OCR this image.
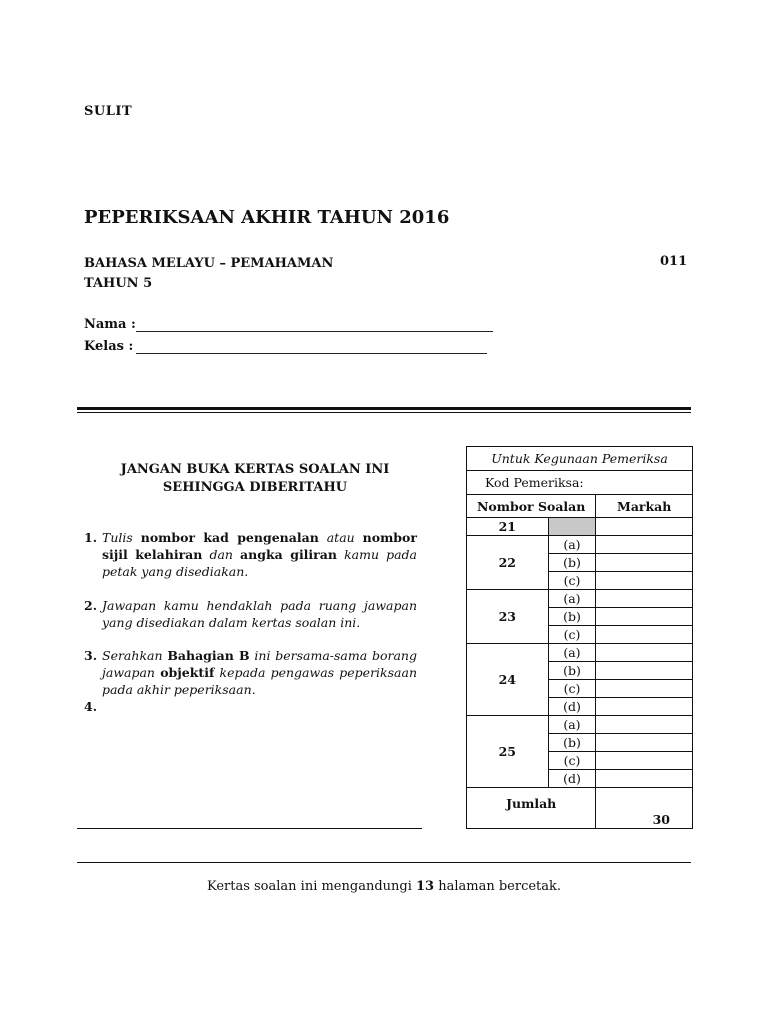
SULIT
PEPERIKSAAN AKHIR TAHUN 2016
BAHASA MELAYU – PEMAHAMAN	011
TAHUN 5
Nama :
Kelas :
JANGAN BUKA KERTAS SOALAN INI
SEHINGGA DIBERITAHU
1. Tulis nombor kad pengenalan atau nombor sijil kelahiran dan angka giliran kamu pada petak yang disediakan.
2. Jawapan kamu hendaklah pada ruang jawapan yang disediakan dalam kertas soalan ini.
3. Serahkan Bahagian B ini bersama-sama borang jawapan objektif kepada pengawas peperiksaan pada akhir peperiksaan.
4.
Untuk Kegunaan Pemeriksa		
Kod Pemeriksa:		
Nombor Soalan		Markah
21		
22	(a)	
	(b)	
	(c)	
23	(a)	
	(b)	
	(c)	
24	(a)	
	(b)	
	(c)	
	(d)	
25	(a)	
	(b)	
	(c)	
	(d)	
Jumlah		30
Kertas soalan ini mengandungi 13 halaman bercetak.
